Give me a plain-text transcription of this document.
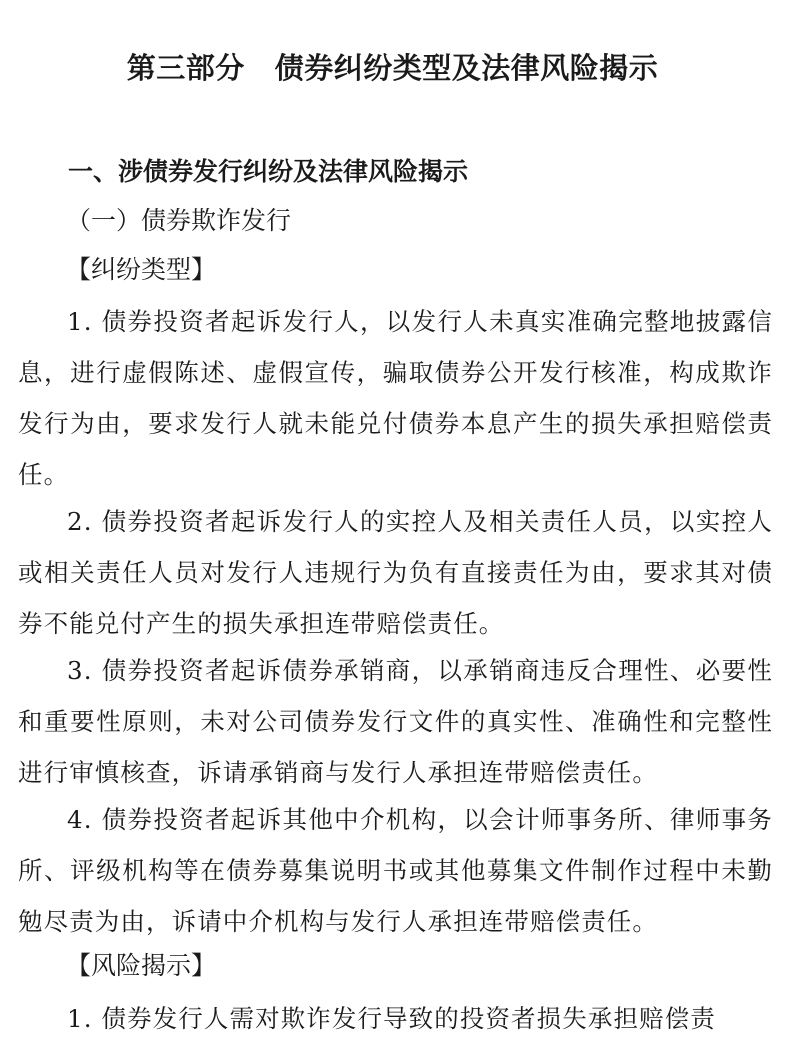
第三部分 债券纠纷类型及法律风险揭示
一、涉债券发行纠纷及法律风险揭示
（一）债券欺诈发行
【纠纷类型】
1. 债券投资者起诉发行人，以发行人未真实准确完整地披露信息，进行虚假陈述、虚假宣传，骗取债券公开发行核准，构成欺诈发行为由，要求发行人就未能兑付债券本息产生的损失承担赔偿责任。
2. 债券投资者起诉发行人的实控人及相关责任人员，以实控人或相关责任人员对发行人违规行为负有直接责任为由，要求其对债券不能兑付产生的损失承担连带赔偿责任。
3. 债券投资者起诉债券承销商，以承销商违反合理性、必要性和重要性原则，未对公司债券发行文件的真实性、准确性和完整性进行审慎核查，诉请承销商与发行人承担连带赔偿责任。
4. 债券投资者起诉其他中介机构，以会计师事务所、律师事务所、评级机构等在债券募集说明书或其他募集文件制作过程中未勤勉尽责为由，诉请中介机构与发行人承担连带赔偿责任。
【风险揭示】
1. 债券发行人需对欺诈发行导致的投资者损失承担赔偿责
